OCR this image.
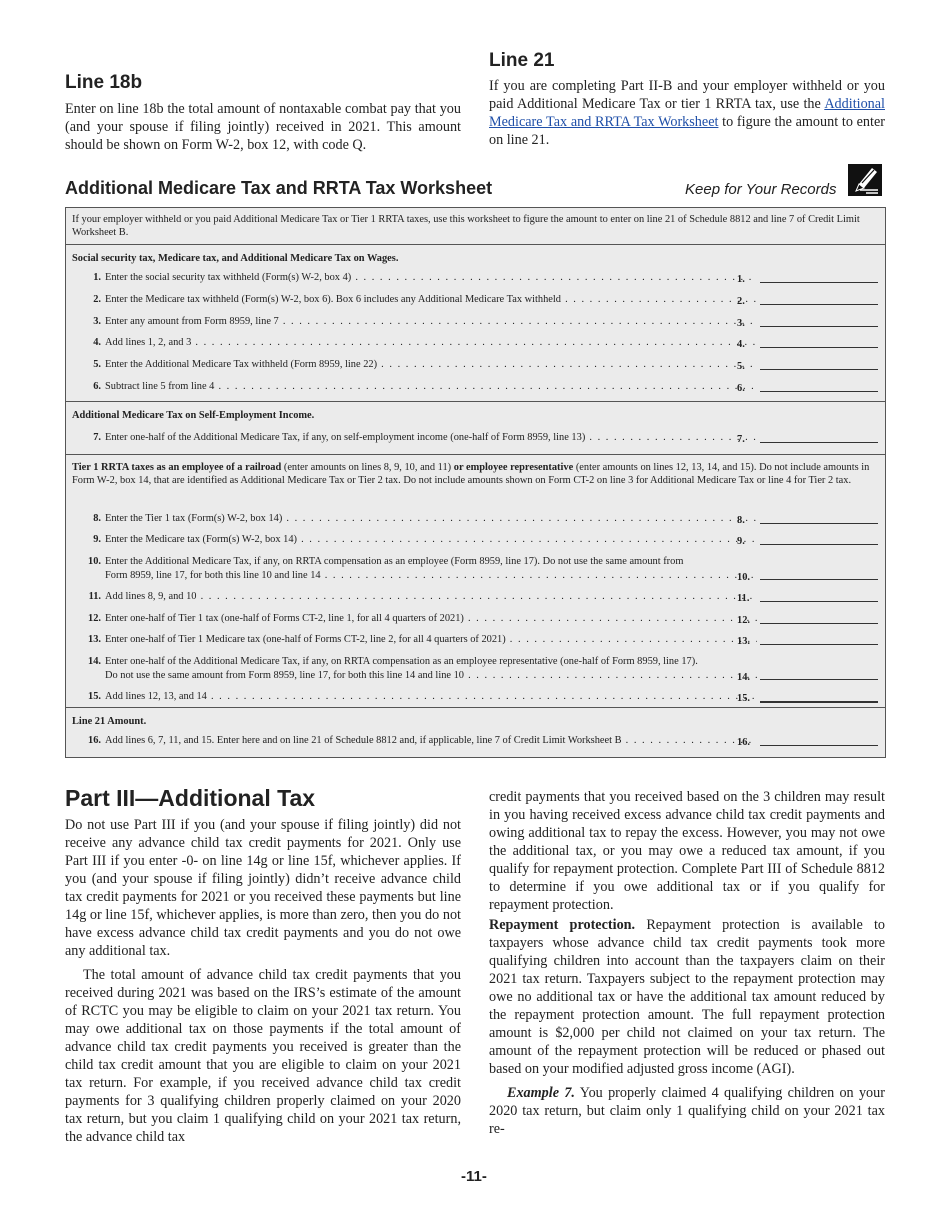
Line 18b

Enter on line 18b the total amount of nontaxable combat pay that you (and your spouse if filing jointly) received in 2021. This amount should be shown on Form W-2, box 12, with code Q.

Line 21

If you are completing Part II-B and your employer withheld or you paid Additional Medicare Tax or tier 1 RRTA tax, use the Additional Medicare Tax and RRTA Tax Worksheet to figure the amount to enter on line 21.

Additional Medicare Tax and RRTA Tax Worksheet	Keep for Your Records
If your employer withheld or you paid Additional Medicare Tax or Tier 1 RRTA taxes, use this worksheet to figure the amount to enter on line 21 of Schedule 8812 and line 7 of Credit Limit Worksheet B.
Social security tax, Medicare tax, and Additional Medicare Tax on Wages.
1. Enter the social security tax withheld (Form(s) W-2, box 4) . . .	1.
2. Enter the Medicare tax withheld (Form(s) W-2, box 6). Box 6 includes any Additional Medicare Tax withheld . . .	2.
3. Enter any amount from Form 8959, line 7 . . .	3.
4. Add lines 1, 2, and 3 . . .	4.
5. Enter the Additional Medicare Tax withheld (Form 8959, line 22) . . .	5.
6. Subtract line 5 from line 4 . . .	6.
Additional Medicare Tax on Self-Employment Income.
7. Enter one-half of the Additional Medicare Tax, if any, on self-employment income (one-half of Form 8959, line 13) . . .	7.
Tier 1 RRTA taxes as an employee of a railroad (enter amounts on lines 8, 9, 10, and 11) or employee representative (enter amounts on lines 12, 13, 14, and 15). Do not include amounts in Form W-2, box 14, that are identified as Additional Medicare Tax or Tier 2 tax. Do not include amounts shown on Form CT-2 on line 3 for Additional Medicare Tax or line 4 for Tier 2 tax.
8. Enter the Tier 1 tax (Form(s) W-2, box 14) . . .	8.
9. Enter the Medicare tax (Form(s) W-2, box 14) . . .	9.
10. Enter the Additional Medicare Tax, if any, on RRTA compensation as an employee (Form 8959, line 17). Do not use the same amount from
Form 8959, line 17, for both this line 10 and line 14 . . .	10.
11. Add lines 8, 9, and 10 . . .	11.
12. Enter one-half of Tier 1 tax (one-half of Forms CT-2, line 1, for all 4 quarters of 2021) . . .	12.
13. Enter one-half of Tier 1 Medicare tax (one-half of Forms CT-2, line 2, for all 4 quarters of 2021) . . .	13.
14. Enter one-half of the Additional Medicare Tax, if any, on RRTA compensation as an employee representative (one-half of Form 8959, line 17).
Do not use the same amount from Form 8959, line 17, for both this line 14 and line 10 . . .	14.
15. Add lines 12, 13, and 14 . . .	15.
Line 21 Amount.
16. Add lines 6, 7, 11, and 15. Enter here and on line 21 of Schedule 8812 and, if applicable, line 7 of Credit Limit Worksheet B . . .	16.
Part III—Additional Tax

Do not use Part III if you (and your spouse if filing jointly) did not receive any advance child tax credit payments for 2021. Only use Part III if you enter -0- on line 14g or line 15f, whichever applies. If you (and your spouse if filing jointly) didn’t receive advance child tax credit payments for 2021 or you received these payments but line 14g or line 15f, whichever applies, is more than zero, then you do not have excess advance child tax credit payments and you do not owe any additional tax.

The total amount of advance child tax credit payments that you received during 2021 was based on the IRS’s estimate of the amount of RCTC you may be eligible to claim on your 2021 tax return. You may owe additional tax on those payments if the total amount of advance child tax credit payments you received is greater than the child tax credit amount that you are eligible to claim on your 2021 tax return. For example, if you received advance child tax credit payments for 3 qualifying children properly claimed on your 2020 tax return, but you claim 1 qualifying child on your 2021 tax return, the advance child tax

credit payments that you received based on the 3 children may result in you having received excess advance child tax credit payments and owing additional tax to repay the excess. However, you may not owe the additional tax, or you may owe a reduced tax amount, if you qualify for repayment protection. Complete Part III of Schedule 8812 to determine if you owe additional tax or if you qualify for repayment protection.

Repayment protection. Repayment protection is available to taxpayers whose advance child tax credit payments took more qualifying children into account than the taxpayers claim on their 2021 tax return. Taxpayers subject to the repayment protection may owe no additional tax or have the additional tax amount reduced by the repayment protection amount. The full repayment protection amount is $2,000 per child not claimed on your tax return. The amount of the repayment protection will be reduced or phased out based on your modified adjusted gross income (AGI).

Example 7. You properly claimed 4 qualifying children on your 2020 tax return, but claim only 1 qualifying child on your 2021 tax re-

-11-
